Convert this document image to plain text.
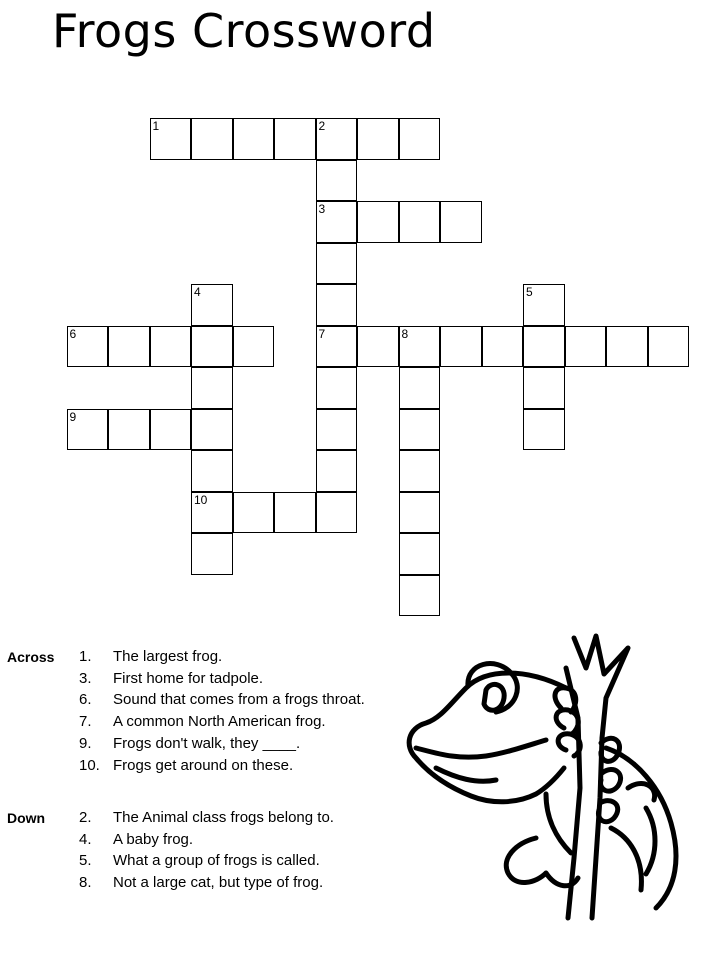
Frogs Crossword
1	2
3
7
4
10
5
6	8
9
Across 1.	The largest frog.
3.	First home for tadpole.
6.	Sound that comes from a frogs throat.
7.	A common North American frog.
9.	Frogs don't walk, they ____.
10. Frogs get around on these.
Down 2.	The Animal class frogs belong to.
4.	A baby frog.
5.	What a group of frogs is called.
8.	Not a large cat, but type of frog.
